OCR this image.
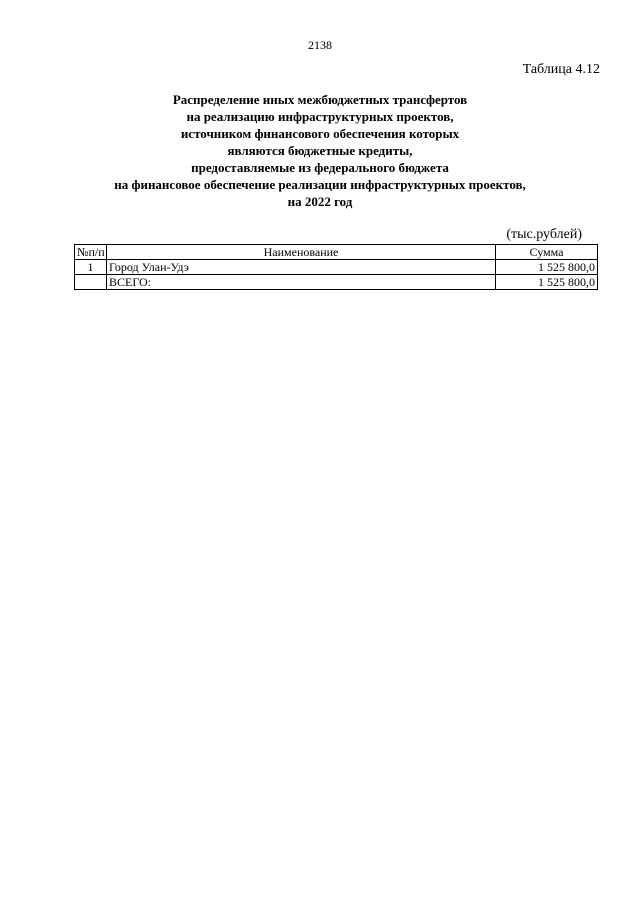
2138
Таблица 4.12
Распределение иных межбюджетных трансфертов
на реализацию инфраструктурных проектов,
источником финансового обеспечения которых
являются бюджетные кредиты,
предоставляемые из федерального бюджета
на финансовое обеспечение реализации инфраструктурных проектов,
на 2022 год
(тыс.рублей)
№п/п	Наименование	Сумма
1	Город Улан-Удэ	1 525 800,0
	ВСЕГО:	1 525 800,0
